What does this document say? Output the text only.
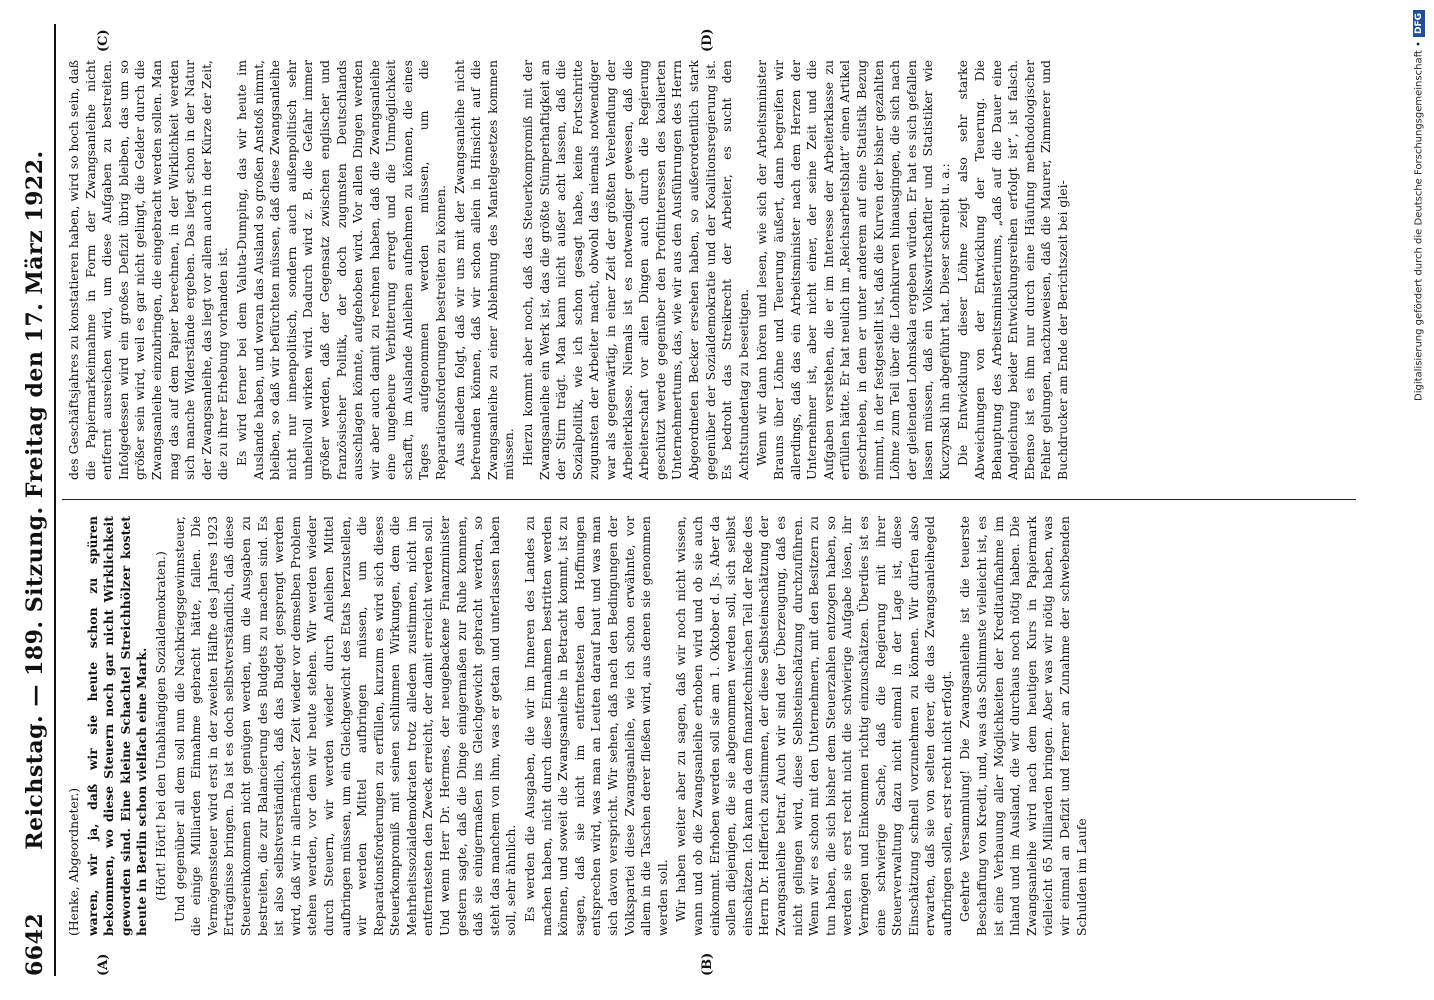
6642
Reichstag. — 189. Sitzung. Freitag den 17. März 1922.
(A)	(B)
(C)	(D)

(Henke, Abgeordneter.) waren, wir ja, daß wir sie heute schon zu spüren bekommen, wo diese Steuern noch gar nicht Wirklichkeit geworden sind. Eine kleine Schachtel Streichhölzer kostet heute in Berlin schon vielfach eine Mark. (Hört! Hört! bei den Unabhängigen Sozialdemokraten.) Und gegenüber all dem soll nun die Nachkriegsgewinnsteuer, die einige Milliarden Einnahme gebracht hätte, fallen. Die Vermögenssteuer wird erst in der zweiten Hälfte des Jahres 1923 Erträgnisse bringen. Da ist es doch selbstverständlich, daß diese Steuereinkommen nicht genügen werden, um die Ausgaben zu bestreiten, die zur Balancierung des Budgets zu machen sind. Es ist also selbstverständlich, daß das Budget gesprengt werden wird, daß wir in allernächster Zeit wieder vor demselben Problem stehen werden, vor dem wir heute stehen. Wir werden wieder durch Steuern, wir werden wieder durch Anleihen Mittel aufbringen müssen, um ein Gleichgewicht des Etats herzustellen, wir werden Mittel aufbringen müssen, um die Reparationsforderungen zu erfüllen, kurzum es wird sich dieses Steuerkompromiß mit seinen schlimmen Wirkungen, dem die Mehrheitssozialdemokraten trotz alledem zustimmen, nicht im entferntesten den Zweck erreicht, der damit erreicht werden soll. Und wenn Herr Dr. Hermes, der neugebackene Finanzminister gestern sagte, daß die Dinge einigermaßen zur Ruhe kommen, daß sie einigermaßen ins Gleichgewicht gebracht werden, so steht das manchem von ihm, was er getan und unterlassen haben soll, sehr ähnlich. Es werden die Ausgaben, die wir im Inneren des Landes zu machen haben, nicht durch diese Einnahmen bestritten werden können, und soweit die Zwangsanleihe in Betracht kommt, ist zu sagen, daß sie nicht im entferntesten den Hoffnungen entsprechen wird, was man an Leuten darauf baut und was man sich davon verspricht. Wir sehen, daß nach den Bedingungen der Volkspartei diese Zwangsanleihe, wie ich schon erwähnte, vor allem in die Taschen derer fließen wird, aus denen sie genommen werden soll. Wir haben weiter aber zu sagen, daß wir noch nicht wissen, wann und ob die Zwangsanleihe erhoben wird und ob sie auch einkommt. Erhoben werden soll sie am 1. Oktober d. Js. Aber da sollen diejenigen, die sie abgenommen werden soll, sich selbst einschätzen. Ich kann da dem finanztechnischen Teil der Rede des Herrn Dr. Helfferich zustimmen, der diese Selbsteinschätzung der Zwangsanleihe betraf. Auch wir sind der Überzeugung, daß es nicht gelingen wird, diese Selbsteinschätzung durchzuführen. Wenn wir es schon mit den Unternehmern, mit den Besitzern zu tun haben, die sich bisher dem Steuerzahlen entzogen haben, so werden sie erst recht nicht die schwierige Aufgabe lösen, ihr Vermögen und Einkommen richtig einzuschätzen. Überdies ist es eine schwierige Sache, daß die Regierung mit ihrer Steuerverwaltung dazu nicht einmal in der Lage ist, diese Einschätzung schnell vorzunehmen zu können. Wir dürfen also erwarten, daß sie von selten derer, die das Zwangsanleihegeld aufbringen sollen, erst recht nicht erfolgt. Geehrte Versammlung! Die Zwangsanleihe ist die teuerste Beschaffung von Kredit, und, was das Schlimmste vielleicht ist, es ist eine Verbauung aller Möglichkeiten der Kreditaufnahme im Inland und im Ausland, die wir durchaus noch nötig haben. Die Zwangsanleihe wird nach dem heutigen Kurs in Papiermark vielleicht 65 Milliarden bringen. Aber was wir nötig haben, was wir einmal an Defizit und ferner an Zunahme der schwebenden Schulden im Laufe

des Geschäftsjahres zu konstatieren haben, wird so hoch sein, daß die Papiermarkeinnahme in Form der Zwangsanleihe nicht entfernt ausreichen wird, um diese Aufgaben zu bestreiten. Infolgedessen wird ein großes Defizit übrig bleiben, das um so größer sein wird, weil es gar nicht gelingt, die Gelder durch die Zwangsanleihe einzubringen, die eingebracht werden sollen. Man mag das auf dem Papier berechnen, in der Wirklichkeit werden sich manche Widerstände ergeben. Das liegt schon in der Natur der Zwangsanleihe, das liegt vor allem auch in der Kürze der Zeit, die zu ihrer Erhebung vorhanden ist. Es wird ferner bei dem Valuta-Dumping, das wir heute im Auslande haben, und woran das Ausland so großen Anstoß nimmt, bleiben, so daß wir befürchten müssen, daß diese Zwangsanleihe nicht nur innenpolitisch, sondern auch außenpolitisch sehr unheilvoll wirken wird. Dadurch wird z. B. die Gefahr immer größer werden, daß der Gegensatz zwischen englischer und französischer Politik, der doch zugunsten Deutschlands ausschlagen könnte, aufgehoben wird. Vor allen Dingen werden wir aber auch damit zu rechnen haben, daß die Zwangsanleihe eine ungeheure Verbitterung erregt und die Unmöglichkeit schafft, im Auslande Anleihen aufnehmen zu können, die eines Tages aufgenommen werden müssen, um die Reparationsforderungen bestreiten zu können. Aus alledem folgt, daß wir uns mit der Zwangsanleihe nicht befreunden können, daß wir schon allein in Hinsicht auf die Zwangsanleihe zu einer Ablehnung des Mantelgesetzes kommen müssen. Hierzu kommt aber noch, daß das Steuerkompromiß mit der Zwangsanleihe ein Werk ist, das die größte Stümperhaftigkeit an der Stirn trägt. Man kann nicht außer acht lassen, daß die Sozialpolitik, wie ich schon gesagt habe, keine Fortschritte zugunsten der Arbeiter macht, obwohl das niemals notwendiger war als gegenwärtig, in einer Zeit der größten Verelendung der Arbeiterklasse. Niemals ist es notwendiger gewesen, daß die Arbeiterschaft vor allen Dingen auch durch die Regierung geschützt werde gegenüber den Profitinteressen des koalierten Unternehmertums, das, wie wir aus den Ausführungen des Herrn Abgeordneten Becker ersehen haben, so außerordentlich stark gegenüber der Sozialdemokratie und der Koalitionsregierung ist. Es bedroht das Streikrecht der Arbeiter, es sucht den Achtstundentag zu beseitigen. Wenn wir dann hören und lesen, wie sich der Arbeitsminister Brauns über Löhne und Teuerung äußert, dann begreifen wir allerdings, daß das ein Arbeitsminister nach dem Herzen der Unternehmer ist, aber nicht einer, der seine Zeit und die Aufgaben verstehen, die er im Interesse der Arbeiterklasse zu erfüllen hätte. Er hat neulich im „Reichsarbeitsblatt“ einen Artikel geschrieben, in dem er unter anderem auf eine Statistik Bezug nimmt, in der festgestellt ist, daß die Kurven der bisher gezahlten Löhne zum Teil über die Lohnkurven hinausgingen, die sich nach der gleitenden Lohnskala ergeben würden. Er hat es sich gefallen lassen müssen, daß ein Volkswirtschaftler und Statistiker wie Kuczynski ihn abgeführt hat. Dieser schreibt u. a.: Die Entwicklung dieser Löhne zeigt also sehr starke Abweichungen von der Entwicklung der Teuerung. Die Behauptung des Arbeitsministeriums, „daß auf die Dauer eine Angleichung beider Entwicklungsreihen erfolgt ist“, ist falsch. Ebenso ist es ihm nur durch eine Häufung methodologischer Fehler gelungen, nachzuweisen, daß die Maurer, Zimmerer und Buchdrucker am Ende der Berichtszeit bei glei-	Digitalisierung gefördert durch die Deutsche Forschungsgemeinschaft •
DFG
